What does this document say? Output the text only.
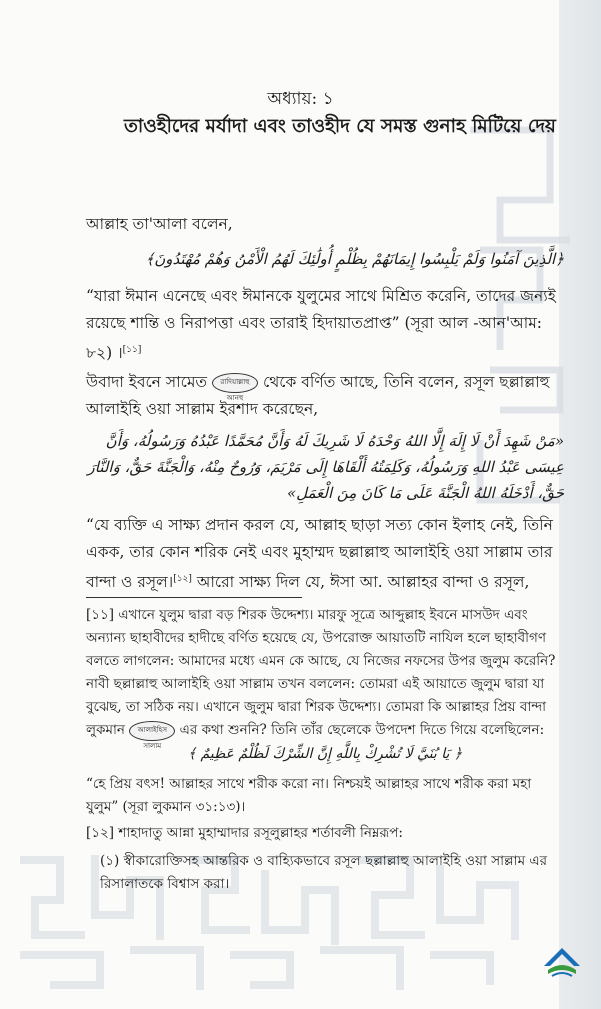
অধ্যায়: ১
তাওহীদের মর্যাদা এবং তাওহীদ যে সমস্ত গুনাহ মিটিয়ে দেয়
আল্লাহ তা'আলা বলেন,
﴿الَّذِينَ آمَنُوا وَلَمْ يَلْبِسُوا إِيمَانَهُمْ بِظُلْمٍ أُولَٰئِكَ لَهُمُ الْأَمْنُ وَهُمْ مُهْتَدُونَ﴾
“যারা ঈমান এনেছে এবং ঈমানকে যুলুমের সাথে মিশ্রিত করেনি, তাদের জন্যই রয়েছে শান্তি ও নিরাপত্তা এবং তারাই হিদায়াতপ্রাপ্ত” (সূরা আল -আন'আম: ৮২) ।[১১]
উবাদা ইবনে সামেত রাদিয়াল্লাহু আনহু থেকে বর্ণিত আছে, তিনি বলেন, রসূল ছল্লাল্লাহু আলাইহি ওয়া সাল্লাম ইরশাদ করেছেন,
«مَنْ شَهِدَ أَنْ لَا إِلَهَ إِلَّا اللهُ وَحْدَهُ لَا شَرِيكَ لَهُ وَأَنَّ مُحَمَّدًا عَبْدُهُ وَرَسُولُهُ، وَأَنَّ عِيسَى عَبْدُ اللهِ وَرَسُولُهُ، وَكَلِمَتُهُ أَلْقَاهَا إِلَى مَرْيَمَ، وَرُوحٌ مِنْهُ، وَالْجَنَّةَ حَقٌّ، وَالنَّارَ حَقٌّ، أَدْخَلَهُ اللهُ الْجَنَّةَ عَلَى مَا كَانَ مِنَ الْعَمَلِ»
“যে ব্যক্তি এ সাক্ষ্য প্রদান করল যে, আল্লাহ ছাড়া সত্য কোন ইলাহ নেই, তিনি একক, তার কোন শরিক নেই এবং মুহাম্মদ ছল্লাল্লাহু আলাইহি ওয়া সাল্লাম তার বান্দা ও রসূল।[১২] আরো সাক্ষ্য দিল যে, ঈসা আ. আল্লাহর বান্দা ও রসূল,
[১১] এখানে যুলুম দ্বারা বড় শিরক উদ্দেশ্য। মারফু সূত্রে আব্দুল্লাহ ইবনে মাসউদ এবং অন্যান্য ছাহাবীদের হাদীছে বর্ণিত হয়েছে যে, উপরোক্ত আয়াতটি নাযিল হলে ছাহাবীগণ বলতে লাগলেন: আমাদের মধ্যে এমন কে আছে, যে নিজের নফসের উপর জুলুম করেনি? নাবী ছল্লাল্লাহু আলাইহি ওয়া সাল্লাম তখন বললেন: তোমরা এই আয়াতে জুলুম দ্বারা যা বুঝেছ, তা সঠিক নয়। এখানে জুলুম দ্বারা শিরক উদ্দেশ্য। তোমরা কি আল্লাহর প্রিয় বান্দা লুকমান আলাইহিস সালাম এর কথা শুননি? তিনি তাঁর ছেলেকে উপদেশ দিতে গিয়ে বলেছিলেন:
﴿ يَا بُنَيَّ لَا تُشْرِكْ بِاللَّهِ إِنَّ الشِّرْكَ لَظُلْمٌ عَظِيمٌ ﴾
“হে প্রিয় বৎস! আল্লাহর সাথে শরীক করো না। নিশ্চয়ই আল্লাহর সাথে শরীক করা মহা যুলুম” (সূরা লুকমান ৩১:১৩)।
[১২] শাহাদাতু আন্না মুহাম্মাদার রসূলুল্লাহর শর্তাবলী নিম্নরূপ:
(১) স্বীকারোক্তিসহ আন্তরিক ও বাহ্যিকভাবে রসূল ছল্লাল্লাহু আলাইহি ওয়া সাল্লাম এর রিসালাতকে বিশ্বাস করা।
